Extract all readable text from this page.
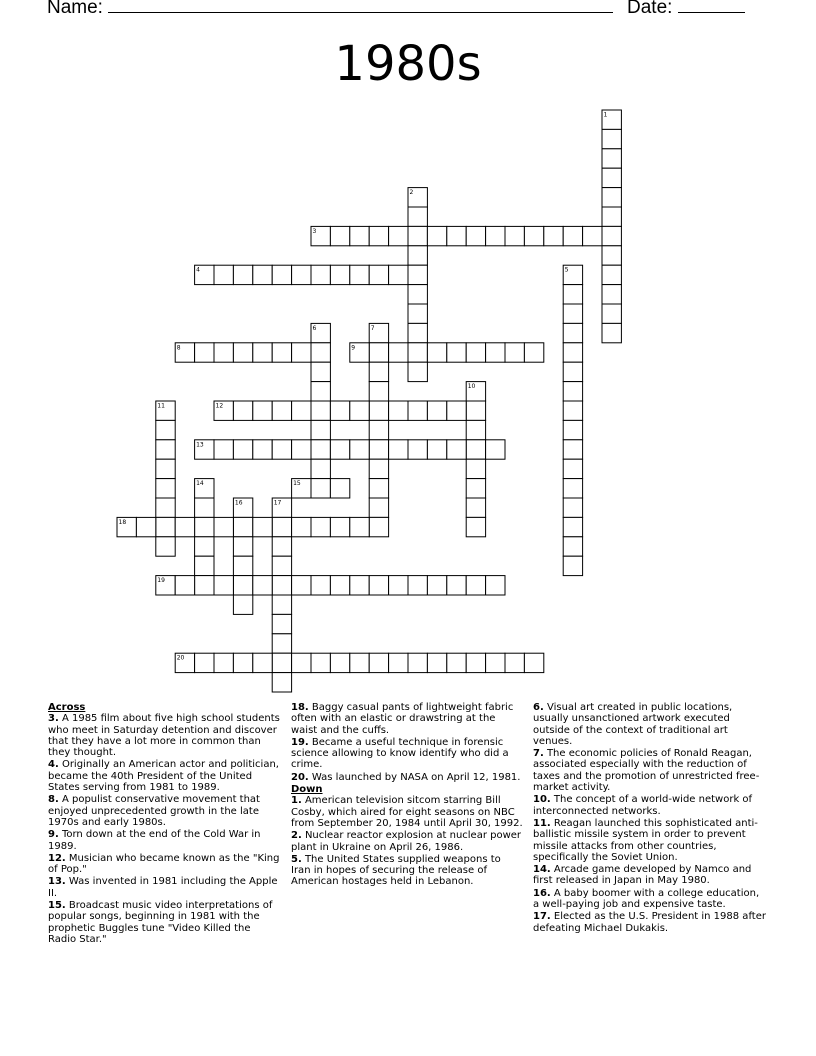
Name:	Date:
1980s
1
2
3
4	5
6	7
8	9
10
11	12
13
14	15
16	17
18
19
20
Across
3. A 1985 film about five high school students who meet in Saturday detention and discover that they have a lot more in common than they thought.
4. Originally an American actor and politician, became the 40th President of the United States serving from 1981 to 1989.
8. A populist conservative movement that enjoyed unprecedented growth in the late 1970s and early 1980s.
9. Torn down at the end of the Cold War in 1989.
12. Musician who became known as the "King of Pop."
13. Was invented in 1981 including the Apple II.
15. Broadcast music video interpretations of popular songs, beginning in 1981 with the prophetic Buggles tune "Video Killed the Radio Star."
18. Baggy casual pants of lightweight fabric often with an elastic or drawstring at the waist and the cuffs.
19. Became a useful technique in forensic science allowing to know identify who did a crime.
20. Was launched by NASA on April 12, 1981.
Down
1. American television sitcom starring Bill Cosby, which aired for eight seasons on NBC from September 20, 1984 until April 30, 1992.
2. Nuclear reactor explosion at nuclear power plant in Ukraine on April 26, 1986.
5. The United States supplied weapons to Iran in hopes of securing the release of American hostages held in Lebanon.
6. Visual art created in public locations, usually unsanctioned artwork executed outside of the context of traditional art venues.
7. The economic policies of Ronald Reagan, associated especially with the reduction of taxes and the promotion of unrestricted free-market activity.
10. The concept of a world-wide network of interconnected networks.
11. Reagan launched this sophisticated anti-ballistic missile system in order to prevent missile attacks from other countries, specifically the Soviet Union.
14. Arcade game developed by Namco and first released in Japan in May 1980.
16. A baby boomer with a college education, a well-paying job and expensive taste.
17. Elected as the U.S. President in 1988 after defeating Michael Dukakis.
